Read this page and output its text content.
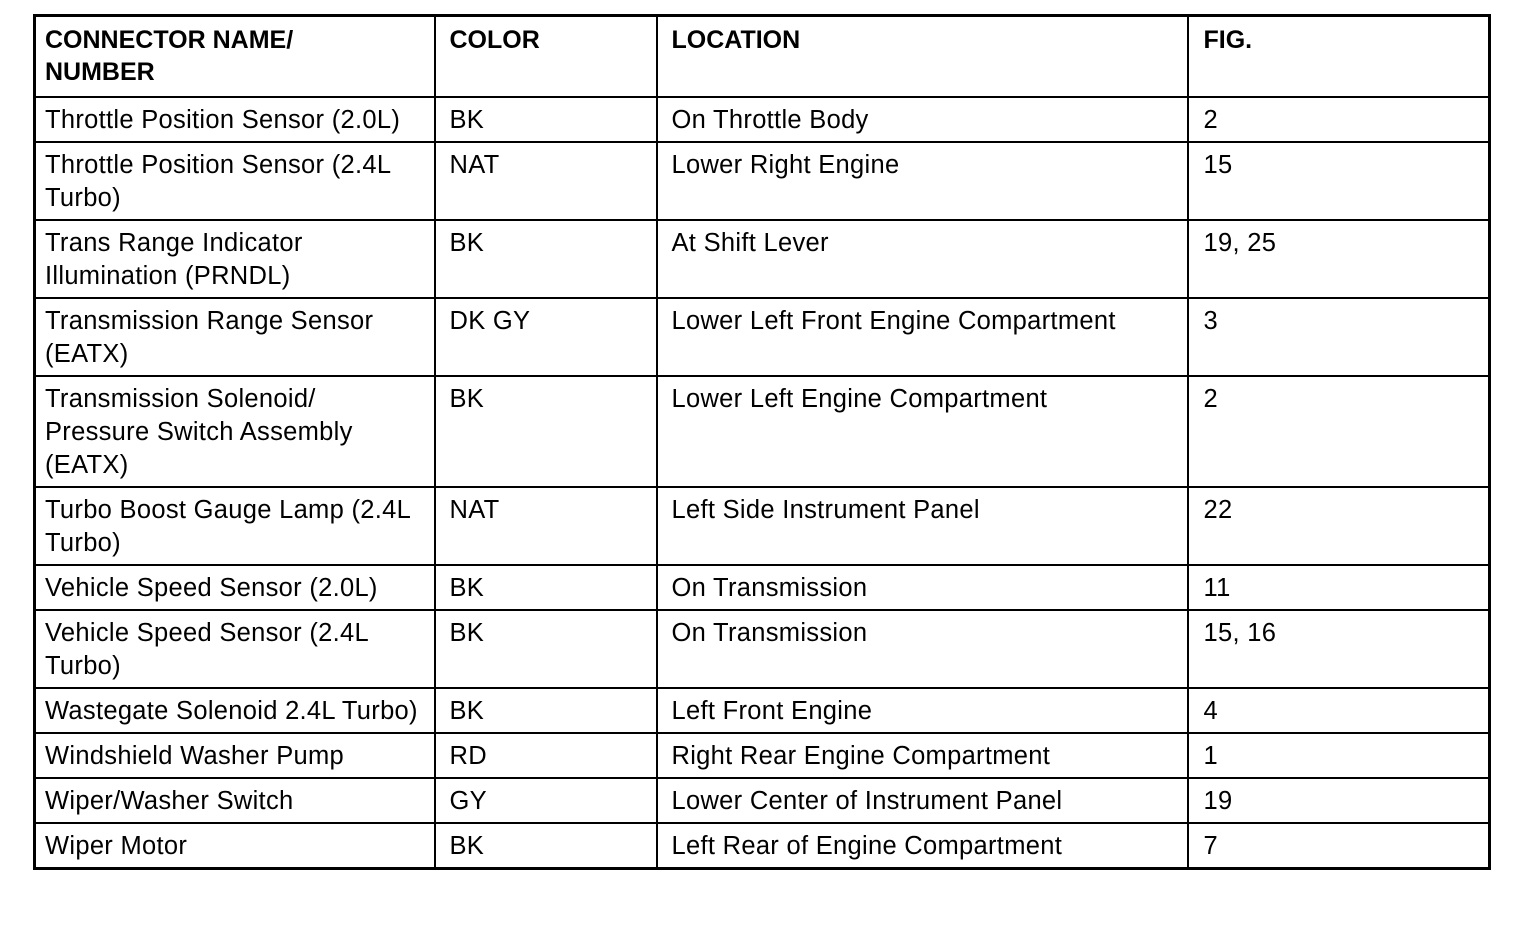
CONNECTOR NAME/
NUMBER	COLOR	LOCATION	FIG.
Throttle Position Sensor (2.0L)	BK	On Throttle Body	2
Throttle Position Sensor (2.4L Turbo)	NAT	Lower Right Engine	15
Trans Range Indicator Illumination (PRNDL)	BK	At Shift Lever	19, 25
Transmission Range Sensor (EATX)	DK GY	Lower Left Front Engine Compartment	3
Transmission Solenoid/ Pressure Switch Assembly (EATX)	BK	Lower Left Engine Compartment	2
Turbo Boost Gauge Lamp (2.4L Turbo)	NAT	Left Side Instrument Panel	22
Vehicle Speed Sensor (2.0L)	BK	On Transmission	11
Vehicle Speed Sensor (2.4L Turbo)	BK	On Transmission	15, 16
Wastegate Solenoid 2.4L Turbo)	BK	Left Front Engine	4
Windshield Washer Pump	RD	Right Rear Engine Compartment	1
Wiper/Washer Switch	GY	Lower Center of Instrument Panel	19
Wiper Motor	BK	Left Rear of Engine Compartment	7
